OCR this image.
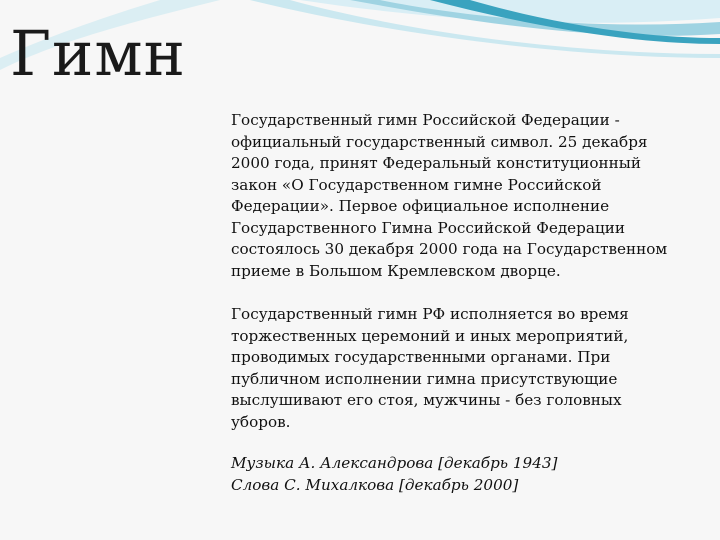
Гимн

Государственный гимн Российской Федерации - официальный государственный символ. 25 декабря 2000 года, принят Федеральный конституционный закон «О Государственном гимне Российской Федерации». Первое официальное исполнение Государственного Гимна Российской Федерации состоялось 30 декабря 2000 года на Государственном приеме в Большом Кремлевском дворце.

Государственный гимн РФ исполняется во время торжественных церемоний и иных мероприятий, проводимых государственными органами. При публичном исполнении гимна присутствующие выслушивают его стоя, мужчины - без головных уборов.

Музыка А. Александрова [декабрь 1943]
Слова С. Михалкова [декабрь 2000]
